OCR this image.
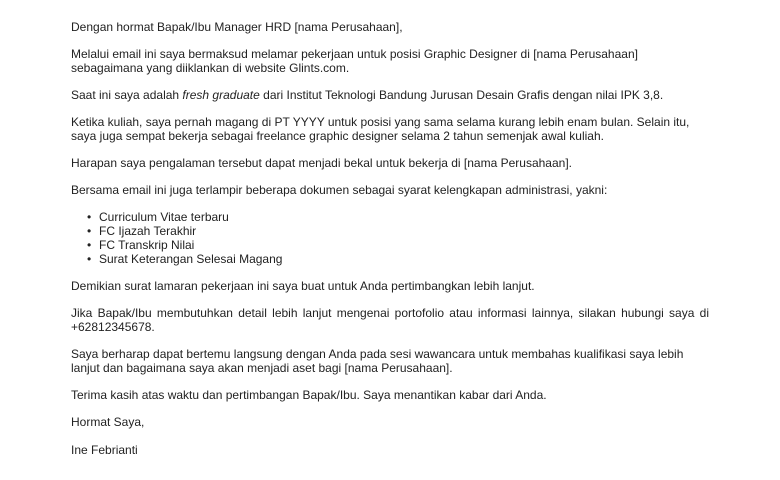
Dengan hormat Bapak/Ibu Manager HRD [nama Perusahaan],

Melalui email ini saya bermaksud melamar pekerjaan untuk posisi Graphic Designer di [nama Perusahaan] sebagaimana yang diiklankan di website Glints.com.

Saat ini saya adalah fresh graduate dari Institut Teknologi Bandung Jurusan Desain Grafis dengan nilai IPK 3,8.

Ketika kuliah, saya pernah magang di PT YYYY untuk posisi yang sama selama kurang lebih enam bulan. Selain itu, saya juga sempat bekerja sebagai freelance graphic designer selama 2 tahun semenjak awal kuliah.

Harapan saya pengalaman tersebut dapat menjadi bekal untuk bekerja di [nama Perusahaan].

Bersama email ini juga terlampir beberapa dokumen sebagai syarat kelengkapan administrasi, yakni:

• Curriculum Vitae terbaru
• FC Ijazah Terakhir
• FC Transkrip Nilai
• Surat Keterangan Selesai Magang

Demikian surat lamaran pekerjaan ini saya buat untuk Anda pertimbangkan lebih lanjut.

Jika Bapak/Ibu membutuhkan detail lebih lanjut mengenai portofolio atau informasi lainnya, silakan hubungi saya di +62812345678.

Saya berharap dapat bertemu langsung dengan Anda pada sesi wawancara untuk membahas kualifikasi saya lebih lanjut dan bagaimana saya akan menjadi aset bagi [nama Perusahaan].

Terima kasih atas waktu dan pertimbangan Bapak/Ibu. Saya menantikan kabar dari Anda.

Hormat Saya,

Ine Febrianti
